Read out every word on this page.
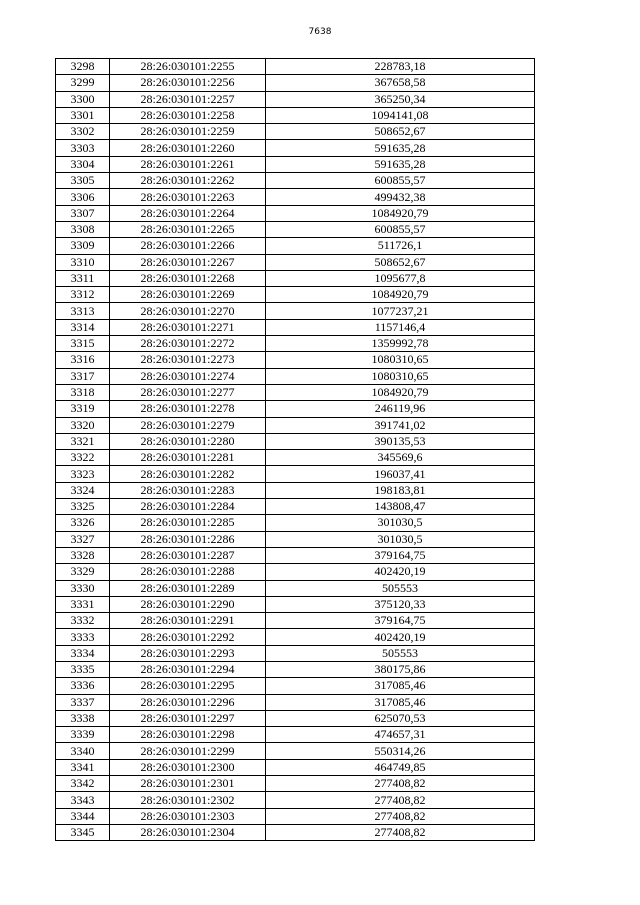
7638
3298	28:26:030101:2255	228783,18
3299	28:26:030101:2256	367658,58
3300	28:26:030101:2257	365250,34
3301	28:26:030101:2258	1094141,08
3302	28:26:030101:2259	508652,67
3303	28:26:030101:2260	591635,28
3304	28:26:030101:2261	591635,28
3305	28:26:030101:2262	600855,57
3306	28:26:030101:2263	499432,38
3307	28:26:030101:2264	1084920,79
3308	28:26:030101:2265	600855,57
3309	28:26:030101:2266	511726,1
3310	28:26:030101:2267	508652,67
3311	28:26:030101:2268	1095677,8
3312	28:26:030101:2269	1084920,79
3313	28:26:030101:2270	1077237,21
3314	28:26:030101:2271	1157146,4
3315	28:26:030101:2272	1359992,78
3316	28:26:030101:2273	1080310,65
3317	28:26:030101:2274	1080310,65
3318	28:26:030101:2277	1084920,79
3319	28:26:030101:2278	246119,96
3320	28:26:030101:2279	391741,02
3321	28:26:030101:2280	390135,53
3322	28:26:030101:2281	345569,6
3323	28:26:030101:2282	196037,41
3324	28:26:030101:2283	198183,81
3325	28:26:030101:2284	143808,47
3326	28:26:030101:2285	301030,5
3327	28:26:030101:2286	301030,5
3328	28:26:030101:2287	379164,75
3329	28:26:030101:2288	402420,19
3330	28:26:030101:2289	505553
3331	28:26:030101:2290	375120,33
3332	28:26:030101:2291	379164,75
3333	28:26:030101:2292	402420,19
3334	28:26:030101:2293	505553
3335	28:26:030101:2294	380175,86
3336	28:26:030101:2295	317085,46
3337	28:26:030101:2296	317085,46
3338	28:26:030101:2297	625070,53
3339	28:26:030101:2298	474657,31
3340	28:26:030101:2299	550314,26
3341	28:26:030101:2300	464749,85
3342	28:26:030101:2301	277408,82
3343	28:26:030101:2302	277408,82
3344	28:26:030101:2303	277408,82
3345	28:26:030101:2304	277408,82
